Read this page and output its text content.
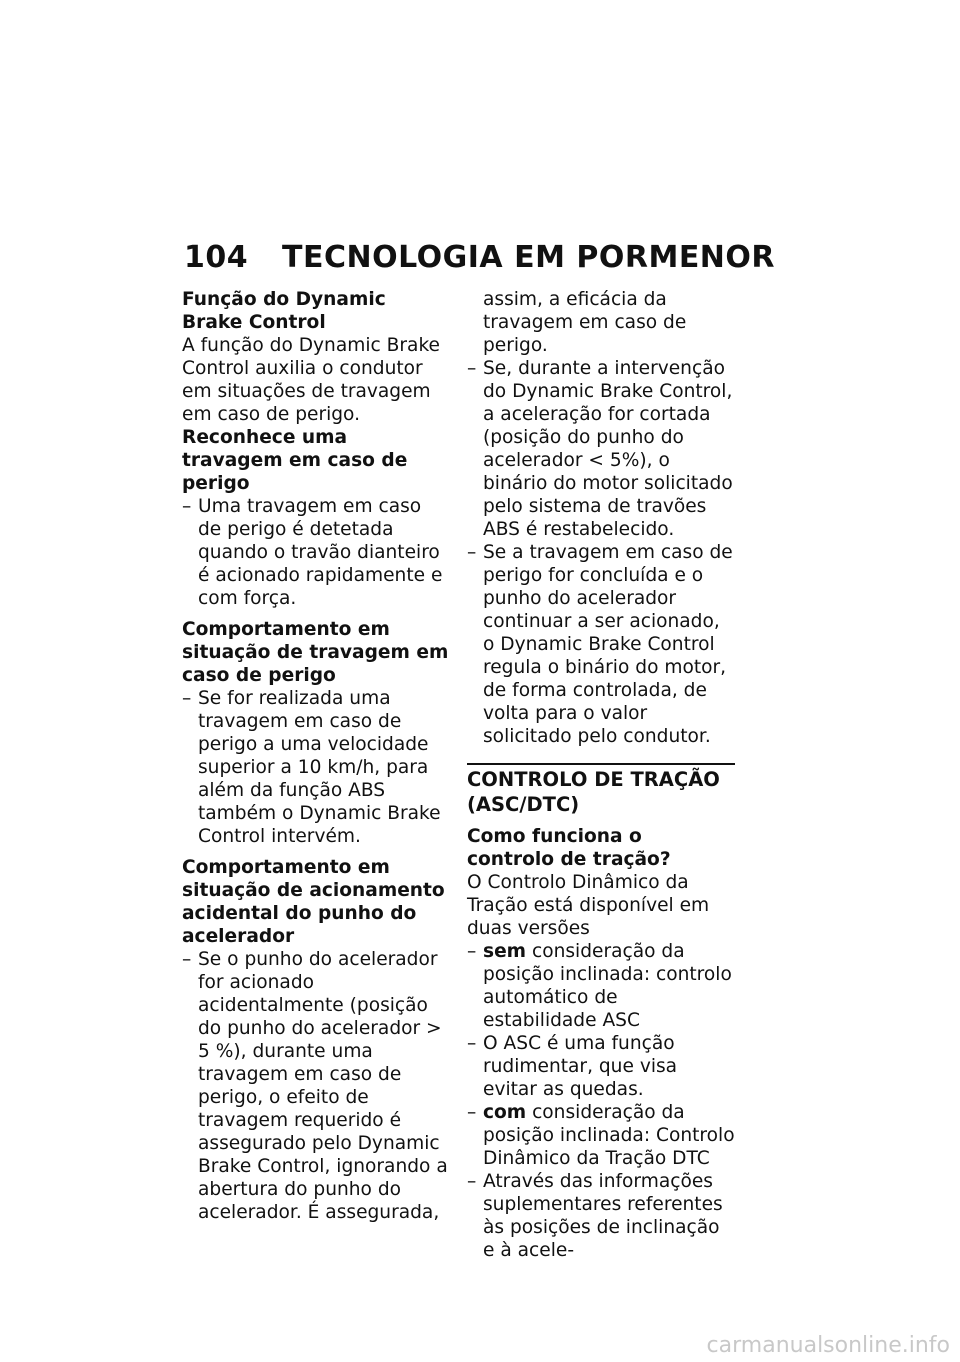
104 TECNOLOGIA EM PORMENOR

Função do Dynamic Brake Control

A função do Dynamic Brake Control auxilia o condutor em situações de travagem em caso de perigo.

Reconhece uma travagem em caso de perigo

– Uma travagem em caso de perigo é detetada quando o travão dianteiro é acionado rapidamente e com força.

Comportamento em situação de travagem em caso de perigo

– Se for realizada uma travagem em caso de perigo a uma velocidade superior a 10 km/h, para além da função ABS também o Dynamic Brake Control intervém.

Comportamento em situação de acionamento acidental do punho do acelerador

– Se o punho do acelerador for acionado acidentalmente (posição do punho do acelerador > 5 %), durante uma travagem em caso de perigo, o efeito de travagem requerido é assegurado pelo Dynamic Brake Control, ignorando a abertura do punho do acelerador. É assegurada,

assim, a eficácia da travagem em caso de perigo.

– Se, durante a intervenção do Dynamic Brake Control, a aceleração for cortada (posição do punho do acelerador < 5%), o binário do motor solicitado pelo sistema de travões ABS é restabelecido.
– Se a travagem em caso de perigo for concluída e o punho do acelerador continuar a ser acionado, o Dynamic Brake Control regula o binário do motor, de forma controlada, de volta para o valor solicitado pelo condutor.
CONTROLO DE TRAÇÃO (ASC/DTC)

Como funciona o controlo de tração?

O Controlo Dinâmico da Tração está disponível em duas versões

– sem consideração da posição inclinada: controlo automático de estabilidade ASC
– O ASC é uma função rudimentar, que visa evitar as quedas.
– com consideração da posição inclinada: Controlo Dinâmico da Tração DTC
– Através das informações suplementares referentes às posições de inclinação e à acele-
carmanualsonline.info
